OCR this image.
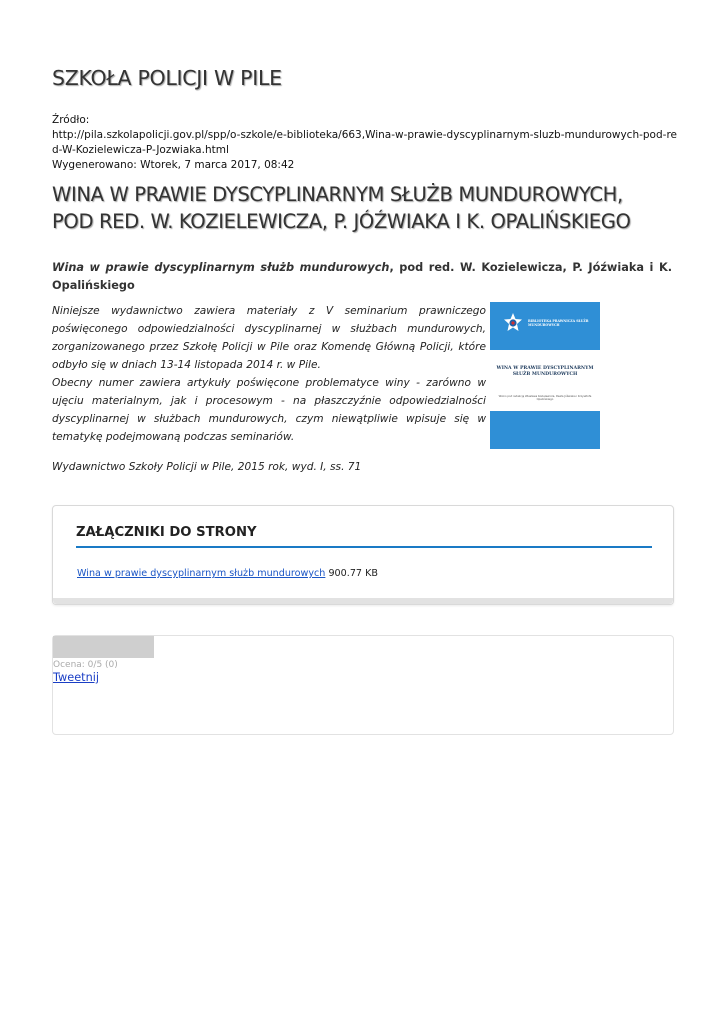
SZKOŁA POLICJI W PILE
Źródło:
http://pila.szkolapolicji.gov.pl/spp/o-szkole/e-biblioteka/663,Wina-w-prawie-dyscyplinarnym-sluzb-mundurowych-pod-red-W-Kozielewicza-P-Jozwiaka.html
Wygenerowano: Wtorek, 7 marca 2017, 08:42
WINA W PRAWIE DYSCYPLINARNYM SŁUŻB MUNDUROWYCH,
POD RED. W. KOZIELEWICZA, P. JÓŹWIAKA I K. OPALIŃSKIEGO
Wina w prawie dyscyplinarnym służb mundurowych, pod red. W. Kozielewicza, P. Jóźwiaka i K. Opalińskiego

Niniejsze wydawnictwo zawiera materiały z V seminarium prawniczego poświęconego odpowiedzialności dyscyplinarnej w służbach mundurowych, zorganizowanego przez Szkołę Policji w Pile oraz Komendę Główną Policji, które odbyło się w dniach 13-14 listopada 2014 r. w Pile.

Obecny numer zawiera artykuły poświęcone problematyce winy - zarówno w ujęciu materialnym, jak i procesowym - na płaszczyźnie odpowiedzialności dyscyplinarnej w służbach mundurowych, czym niewątpliwie wpisuje się w tematykę podejmowaną podczas seminariów.

BIBLIOTEKA PRAWNICZA SŁUŻB MUNDUROWYCH
WINA W PRAWIE DYSCYPLINARNYM SŁUŻB MUNDUROWYCH
Wolno pod redakcją Wiesława Kozielewicza, Pawła Jóźwiaka i Krzysztofa Opalińskiego
Wydawnictwo Szkoły Policji w Pile, 2015 rok, wyd. I, ss. 71
ZAŁĄCZNIKI DO STRONY
Wina w prawie dyscyplinarnym służb mundurowych 900.77 KB
Ocena: 0/5 (0)
Tweetnij
